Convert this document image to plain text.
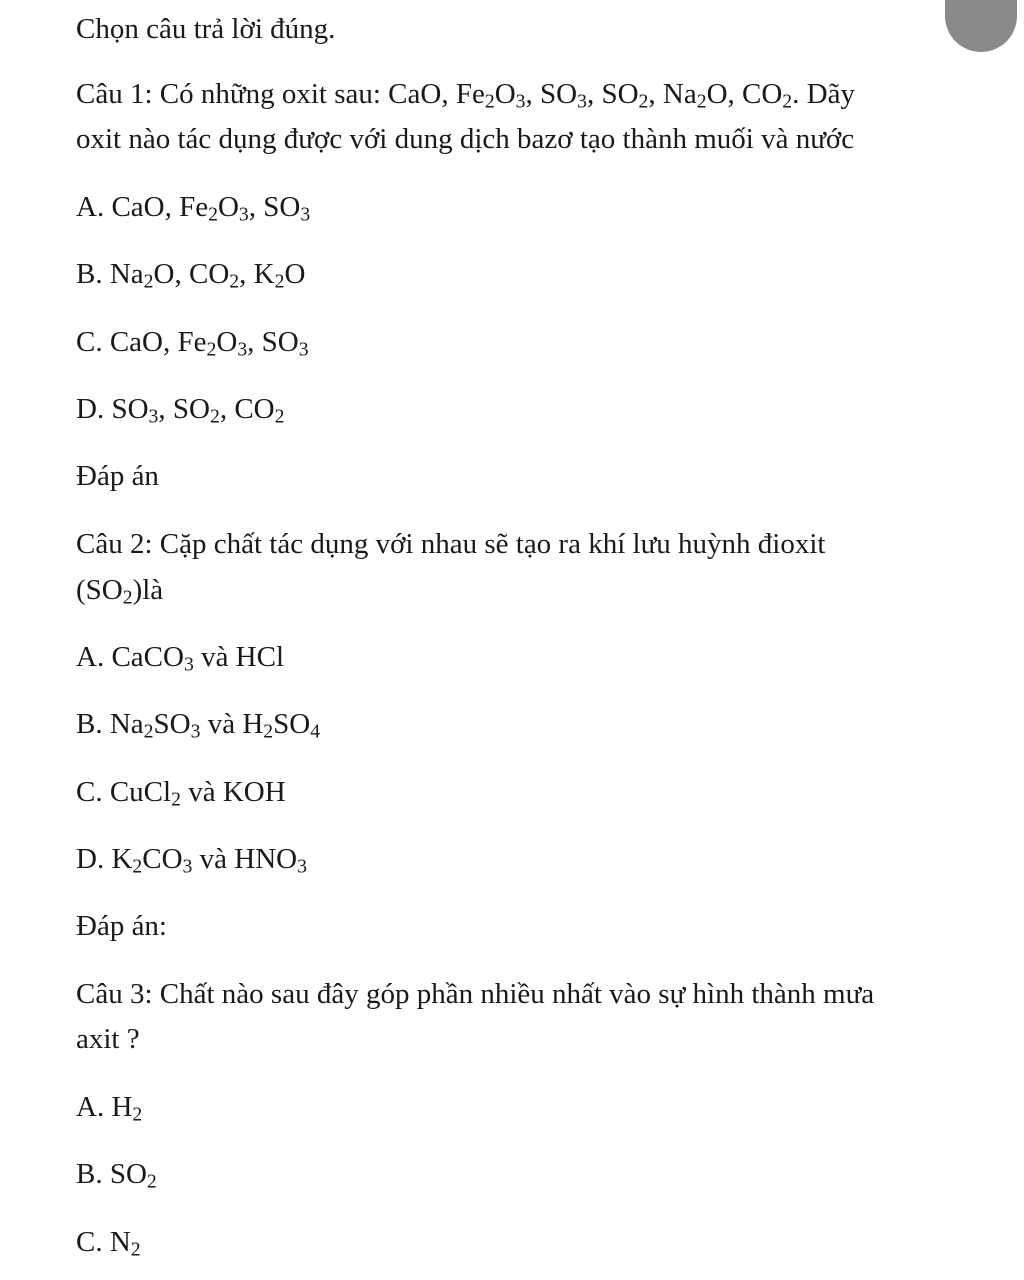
Chọn câu trả lời đúng.
Câu 1: Có những oxit sau: CaO, $Fe_2O_3$, $SO_3$, $SO_2$, $Na_2O$, $CO_2$. Dãy
oxit nào tác dụng được với dung dịch bazơ tạo thành muối và nước
A. CaO, $Fe_2O_3$, $SO_3$
B. $Na_2O$, $CO_2$, $K_2O$
C. CaO, $Fe_2O_3$, $SO_3$
D. $SO_3$, $SO_2$, $CO_2$
Đáp án
Câu 2: Cặp chất tác dụng với nhau sẽ tạo ra khí lưu huỳnh đioxit
$(SO_2)là$
A. CaCO$_3$ và HCl
B. $Na_2SO_3$ và $H_2SO_4$
C. CuCl$_2$ và KOH
D. $K_2CO_3$ và $HNO_3$
Đáp án:
Câu 3: Chất nào sau đây góp phần nhiều nhất vào sự hình thành mưa
axit ?
A. $H_2$
B. $SO_2$
C. $N_2$
